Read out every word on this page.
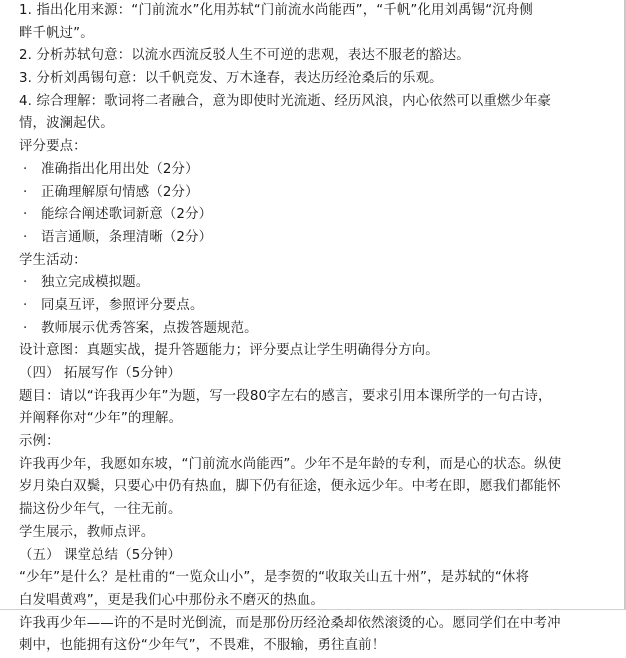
1. 指出化用来源：“门前流水”化用苏轼“门前流水尚能西”，“千帆”化用刘禹锡“沉舟侧
畔千帆过”。
2. 分析苏轼句意：以流水西流反驳人生不可逆的悲观，表达不服老的豁达。
3. 分析刘禹锡句意：以千帆竞发、万木逢春，表达历经沧桑后的乐观。
4. 综合理解：歌词将二者融合，意为即使时光流逝、经历风浪，内心依然可以重燃少年豪
情，波澜起伏。
评分要点：
· 准确指出化用出处（2分）
· 正确理解原句情感（2分）
· 能综合阐述歌词新意（2分）
· 语言通顺，条理清晰（2分）
学生活动：
· 独立完成模拟题。
· 同桌互评，参照评分要点。
· 教师展示优秀答案，点拨答题规范。
设计意图：真题实战，提升答题能力；评分要点让学生明确得分方向。
（四） 拓展写作（5分钟）
题目：请以“许我再少年”为题，写一段80字左右的感言，要求引用本课所学的一句古诗，
并阐释你对“少年”的理解。
示例：
许我再少年，我愿如东坡，“门前流水尚能西”。少年不是年龄的专利，而是心的状态。纵使
岁月染白双鬓，只要心中仍有热血，脚下仍有征途，便永远少年。中考在即，愿我们都能怀
揣这份少年气，一往无前。
学生展示，教师点评。
（五） 课堂总结（5分钟）
“少年”是什么？是杜甫的“一览众山小”，是李贺的“收取关山五十州”，是苏轼的“休将
白发唱黄鸡”，更是我们心中那份永不磨灭的热血。
许我再少年——许的不是时光倒流，而是那份历经沧桑却依然滚烫的心。愿同学们在中考冲
刺中，也能拥有这份“少年气”，不畏难，不服输，勇往直前！
